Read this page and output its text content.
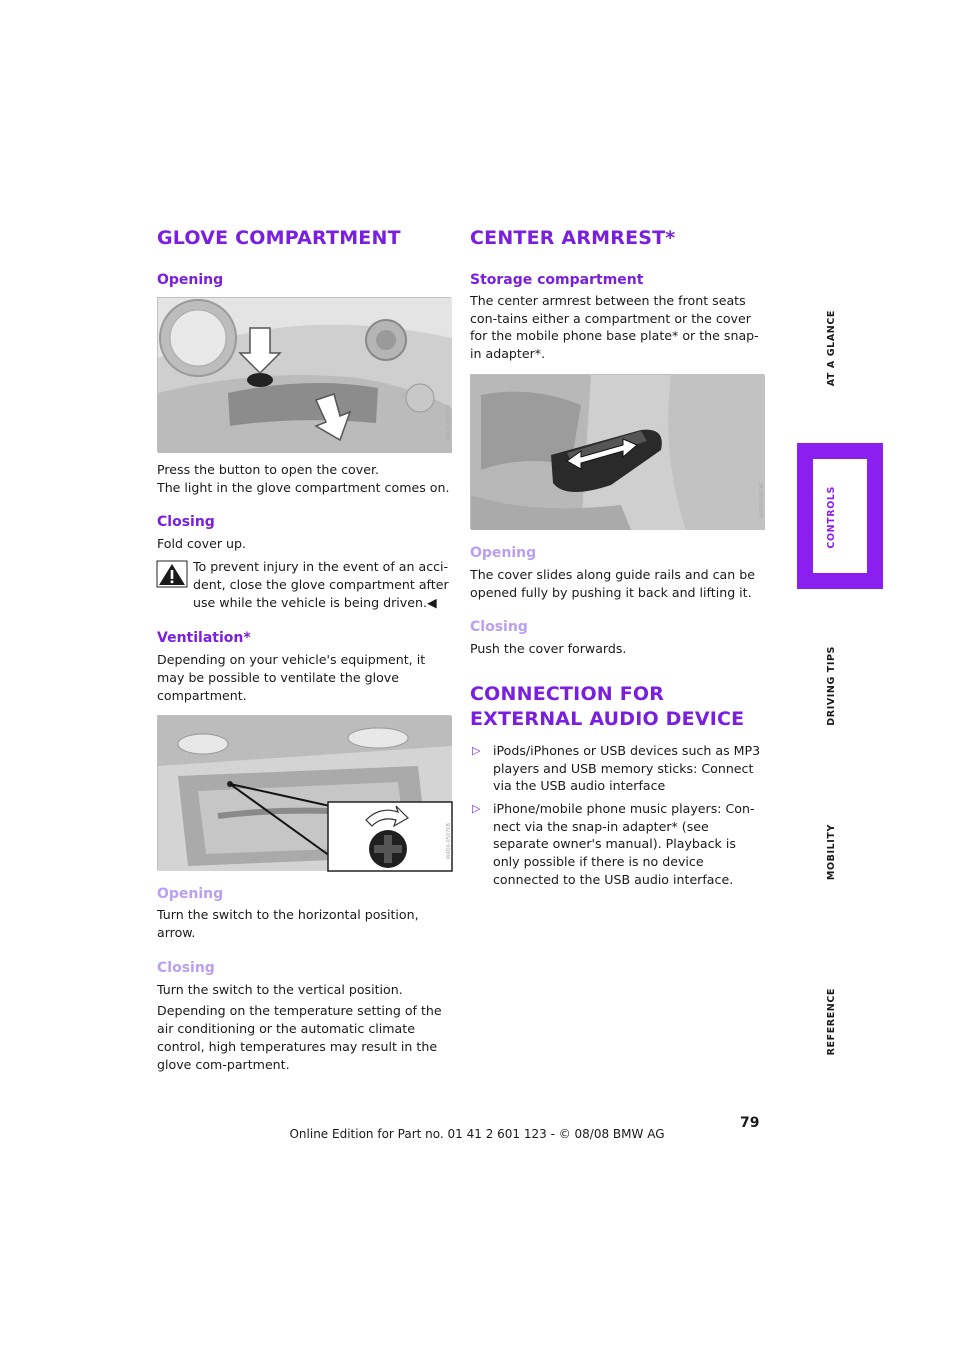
GLOVE COMPARTMENT
Opening
W4D6-0507KA

Press the button to open the cover.

The light in the glove compartment comes on.

Closing

Fold cover up.

To prevent injury in the event of an acci-dent, close the glove compartment after use while the vehicle is being driven.◀

Ventilation*

Depending on your vehicle's equipment, it may be possible to ventilate the glove compartment.

W4D6-0507KB
Opening

Turn the switch to the horizontal position, arrow.

Closing

Turn the switch to the vertical position.

Depending on the temperature setting of the air conditioning or the automatic climate control, high temperatures may result in the glove com-partment.

CENTER ARMREST*
Storage compartment

The center armrest between the front seats con-tains either a compartment or the cover for the mobile phone base plate* or the snap-in adapter*.

W4D6-0507KC
Opening

The cover slides along guide rails and can be opened fully by pushing it back and lifting it.

Closing

Push the cover forwards.

CONNECTION FOR EXTERNAL AUDIO DEVICE
▷ iPods/iPhones or USB devices such as MP3 players and USB memory sticks: Connect via the USB audio interface
▷ iPhone/mobile phone music players: Con-nect via the snap-in adapter* (see separate owner's manual). Playback is only possible if there is no device connected to the USB audio interface.
AT A GLANCE
CONTROLS
DRIVING TIPS
MOBILITY
REFERENCE
79
Online Edition for Part no. 01 41 2 601 123 - © 08/08 BMW AG
